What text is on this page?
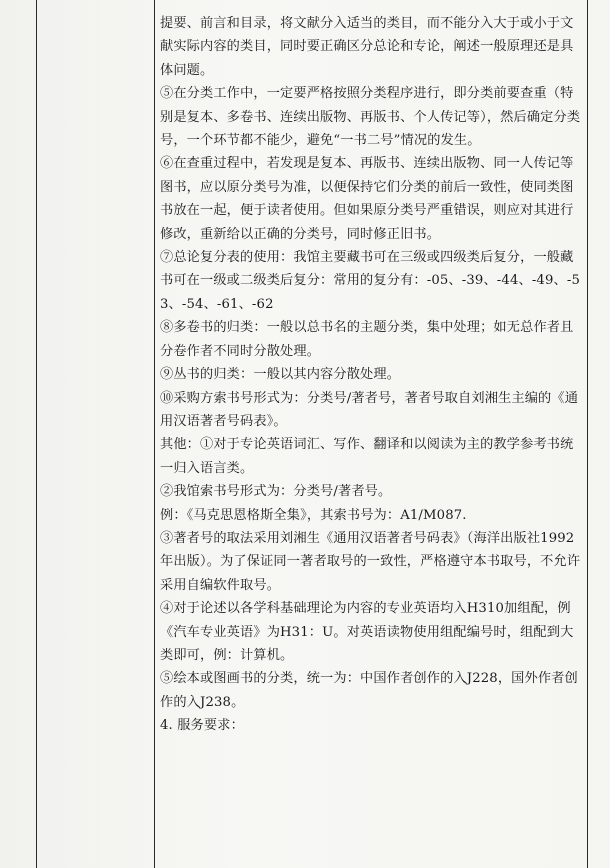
提要、前言和目录，将文献分入适当的类目，而不能分入大于或小于文献实际内容的类目，同时要正确区分总论和专论，阐述一般原理还是具体问题。

⑤在分类工作中，一定要严格按照分类程序进行，即分类前要查重（特别是复本、多卷书、连续出版物、再版书、个人传记等），然后确定分类号，一个环节都不能少，避免“一书二号”情况的发生。

⑥在查重过程中，若发现是复本、再版书、连续出版物、同一人传记等图书，应以原分类号为准，以便保持它们分类的前后一致性，使同类图书放在一起，便于读者使用。但如果原分类号严重错误，则应对其进行修改，重新给以正确的分类号，同时修正旧书。

⑦总论复分表的使用：我馆主要藏书可在三级或四级类后复分，一般藏书可在一级或二级类后复分：常用的复分有：-05、-39、-44、-49、-53、-54、-61、-62

⑧多卷书的归类：一般以总书名的主题分类，集中处理；如无总作者且分卷作者不同时分散处理。

⑨丛书的归类：一般以其内容分散处理。

⑩采购方索书号形式为：分类号/著者号，著者号取自刘湘生主编的《通用汉语著者号码表》。

其他：①对于专论英语词汇、写作、翻译和以阅读为主的教学参考书统一归入语言类。

②我馆索书号形式为：分类号/著者号。

例：《马克思恩格斯全集》，其索书号为：A1/M087.

③著者号的取法采用刘湘生《通用汉语著者号码表》（海洋出版社1992年出版）。为了保证同一著者取号的一致性，严格遵守本书取号，不允许采用自编软件取号。

④对于论述以各学科基础理论为内容的专业英语均入H310加组配，例《汽车专业英语》为H31：U。对英语读物使用组配编号时，组配到大类即可，例：计算机。

⑤绘本或图画书的分类，统一为：中国作者创作的入J228，国外作者创作的入J238。

4. 服务要求：
